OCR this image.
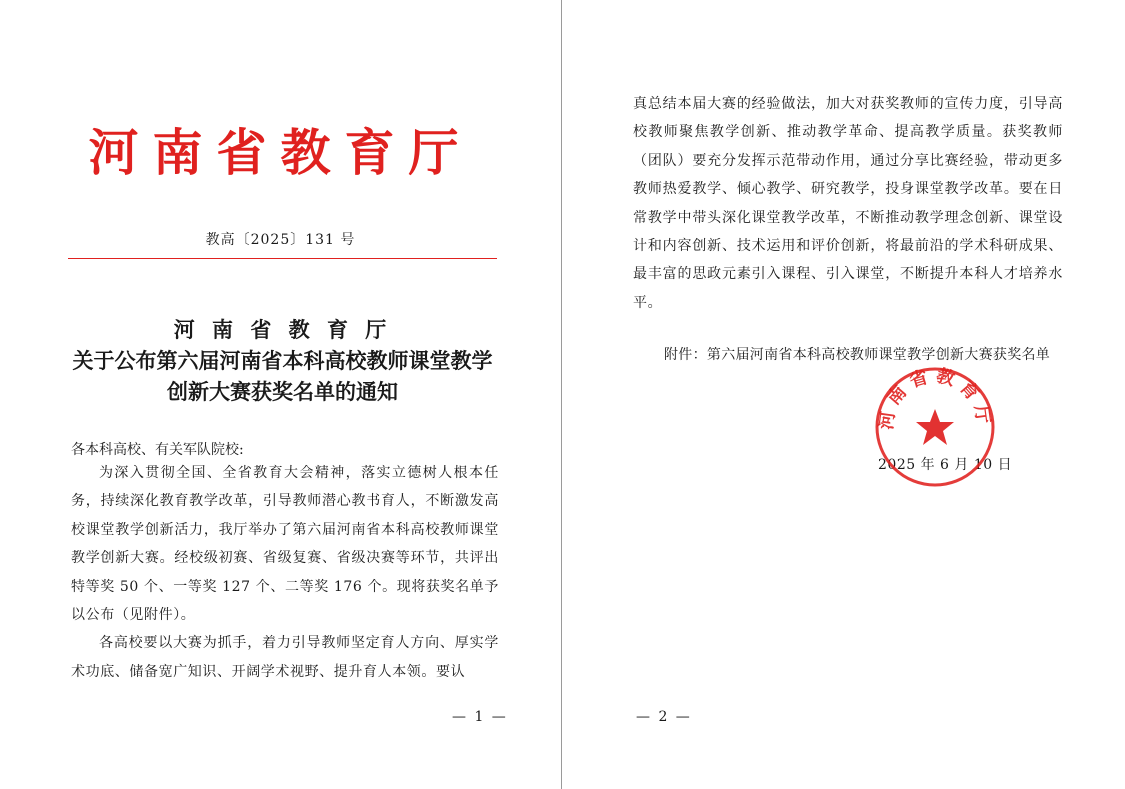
河南省教育厅
教高〔2025〕131 号
河 南 省 教 育 厅
关于公布第六届河南省本科高校教师课堂教学
创新大赛获奖名单的通知
各本科高校、有关军队院校:

为深入贯彻全国、全省教育大会精神，落实立德树人根本任务，持续深化教育教学改革，引导教师潜心教书育人，不断激发高校课堂教学创新活力，我厅举办了第六届河南省本科高校教师课堂教学创新大赛。经校级初赛、省级复赛、省级决赛等环节，共评出特等奖 50 个、一等奖 127 个、二等奖 176 个。现将获奖名单予以公布（见附件）。

各高校要以大赛为抓手，着力引导教师坚定育人方向、厚实学术功底、储备宽广知识、开阔学术视野、提升育人本领。要认

— 1 —

真总结本届大赛的经验做法，加大对获奖教师的宣传力度，引导高校教师聚焦教学创新、推动教学革命、提高教学质量。获奖教师（团队）要充分发挥示范带动作用，通过分享比赛经验，带动更多教师热爱教学、倾心教学、研究教学，投身课堂教学改革。要在日常教学中带头深化课堂教学改革，不断推动教学理念创新、课堂设计和内容创新、技术运用和评价创新，将最前沿的学术科研成果、最丰富的思政元素引入课程、引入课堂，不断提升本科人才培养水平。

附件：第六届河南省本科高校教师课堂教学创新大赛获奖名单
2025 年 6 月 10 日
河南省教育厅
— 2 —
